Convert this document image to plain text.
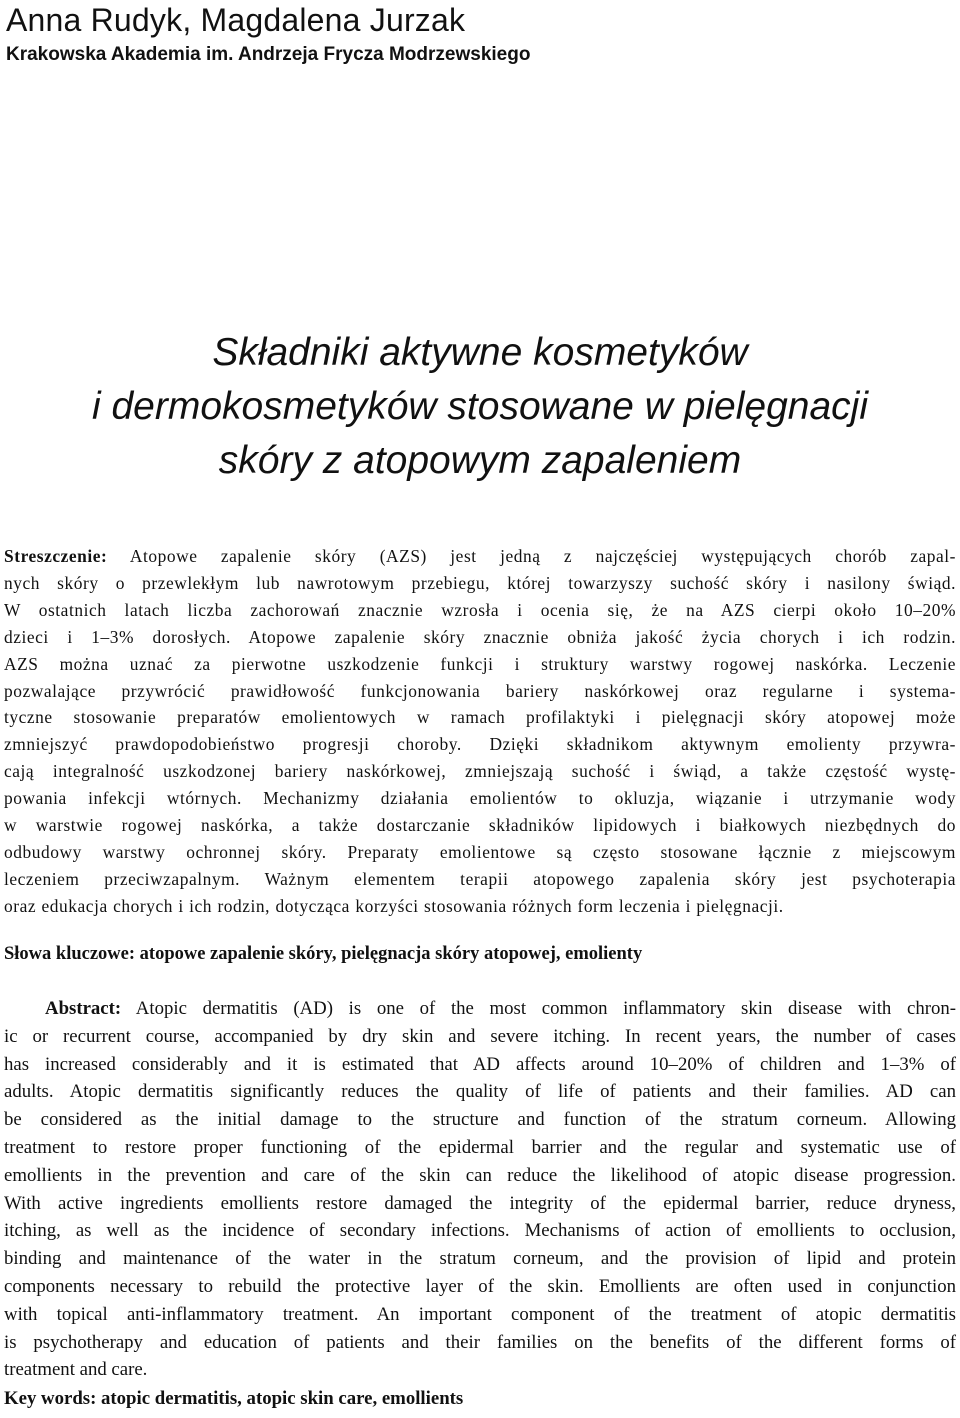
Anna Rudyk, Magdalena Jurzak
Krakowska Akademia im. Andrzeja Frycza Modrzewskiego
Składniki aktywne kosmetyków
i dermokosmetyków stosowane w pielęgnacji
skóry z atopowym zapaleniem
Streszczenie: Atopowe zapalenie skóry (AZS) jest jedną z najczęściej występujących chorób zapal-
nych skóry o przewlekłym lub nawrotowym przebiegu, której towarzyszy suchość skóry i nasilony świąd.
W ostatnich latach liczba zachorowań znacznie wzrosła i ocenia się, że na AZS cierpi około 10–20%
dzieci i 1–3% dorosłych. Atopowe zapalenie skóry znacznie obniża jakość życia chorych i ich rodzin.
AZS można uznać za pierwotne uszkodzenie funkcji i struktury warstwy rogowej naskórka. Leczenie
pozwalające przywrócić prawidłowość funkcjonowania bariery naskórkowej oraz regularne i systema-
tyczne stosowanie preparatów emolientowych w ramach profilaktyki i pielęgnacji skóry atopowej może
zmniejszyć prawdopodobieństwo progresji choroby. Dzięki składnikom aktywnym emolienty przywra-
cają integralność uszkodzonej bariery naskórkowej, zmniejszają suchość i świąd, a także częstość wystę-
powania infekcji wtórnych. Mechanizmy działania emolientów to okluzja, wiązanie i utrzymanie wody
w warstwie rogowej naskórka, a także dostarczanie składników lipidowych i białkowych niezbędnych do
odbudowy warstwy ochronnej skóry. Preparaty emolientowe są często stosowane łącznie z miejscowym
leczeniem przeciwzapalnym. Ważnym elementem terapii atopowego zapalenia skóry jest psychoterapia
oraz edukacja chorych i ich rodzin, dotycząca korzyści stosowania różnych form leczenia i pielęgnacji.
Słowa kluczowe: atopowe zapalenie skóry, pielęgnacja skóry atopowej, emolienty
Abstract: Atopic dermatitis (AD) is one of the most common inflammatory skin disease with chron-
ic or recurrent course, accompanied by dry skin and severe itching. In recent years, the number of cases
has increased considerably and it is estimated that AD affects around 10–20% of children and 1–3% of
adults. Atopic dermatitis significantly reduces the quality of life of patients and their families. AD can
be considered as the initial damage to the structure and function of the stratum corneum. Allowing
treatment to restore proper functioning of the epidermal barrier and the regular and systematic use of
emollients in the prevention and care of the skin can reduce the likelihood of atopic disease progression.
With active ingredients emollients restore damaged the integrity of the epidermal barrier, reduce dryness,
itching, as well as the incidence of secondary infections. Mechanisms of action of emollients to occlusion,
binding and maintenance of the water in the stratum corneum, and the provision of lipid and protein
components necessary to rebuild the protective layer of the skin. Emollients are often used in conjunction
with topical anti-inflammatory treatment. An important component of the treatment of atopic dermatitis
is psychotherapy and education of patients and their families on the benefits of the different forms of
treatment and care.
Key words: atopic dermatitis, atopic skin care, emollients
